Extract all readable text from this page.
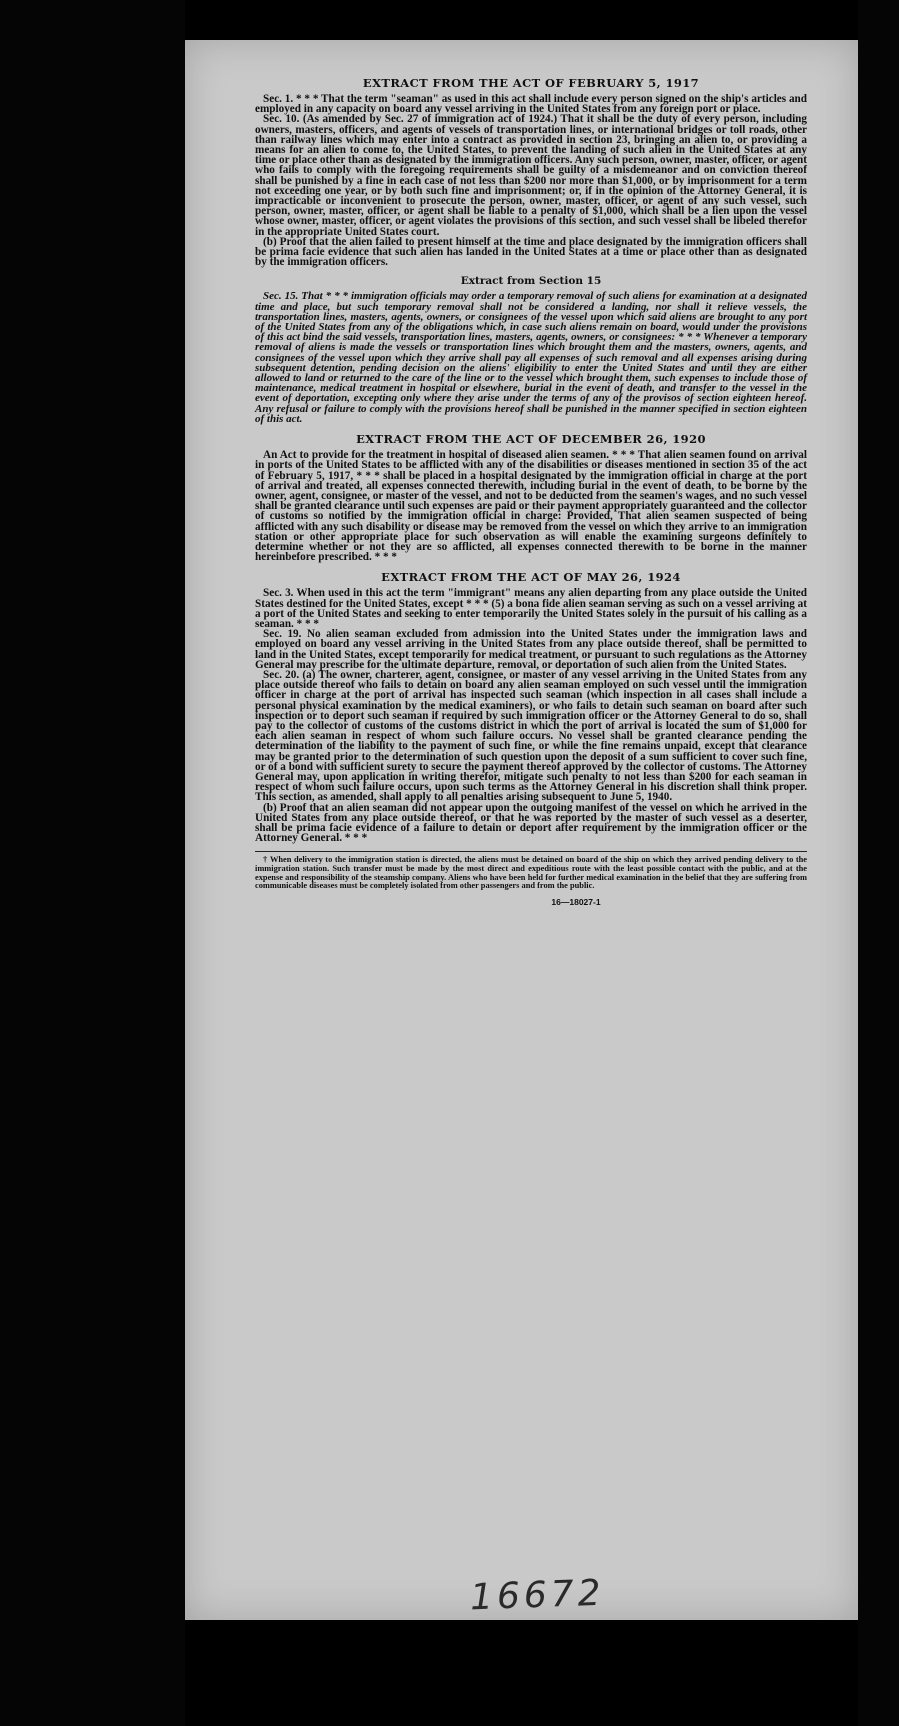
EXTRACT FROM THE ACT OF FEBRUARY 5, 1917

Sec. 1. * * * That the term "seaman" as used in this act shall include every person signed on the ship's articles and employed in any capacity on board any vessel arriving in the United States from any foreign port or place.

Sec. 10. (As amended by Sec. 27 of immigration act of 1924.) That it shall be the duty of every person, including owners, masters, officers, and agents of vessels of transportation lines, or international bridges or toll roads, other than railway lines which may enter into a contract as provided in section 23, bringing an alien to, or providing a means for an alien to come to, the United States, to prevent the landing of such alien in the United States at any time or place other than as designated by the immigration officers. Any such person, owner, master, officer, or agent who fails to comply with the foregoing requirements shall be guilty of a misdemeanor and on conviction thereof shall be punished by a fine in each case of not less than $200 nor more than $1,000, or by imprisonment for a term not exceeding one year, or by both such fine and imprisonment; or, if in the opinion of the Attorney General, it is impracticable or inconvenient to prosecute the person, owner, master, officer, or agent of any such vessel, such person, owner, master, officer, or agent shall be liable to a penalty of $1,000, which shall be a lien upon the vessel whose owner, master, officer, or agent violates the provisions of this section, and such vessel shall be libeled therefor in the appropriate United States court.

(b) Proof that the alien failed to present himself at the time and place designated by the immigration officers shall be prima facie evidence that such alien has landed in the United States at a time or place other than as designated by the immigration officers.

Extract from Section 15

Sec. 15. That * * * immigration officials may order a temporary removal of such aliens for examination at a designated time and place, but such temporary removal shall not be considered a landing, nor shall it relieve vessels, the transportation lines, masters, agents, owners, or consignees of the vessel upon which said aliens are brought to any port of the United States from any of the obligations which, in case such aliens remain on board, would under the provisions of this act bind the said vessels, transportation lines, masters, agents, owners, or consignees: * * * Whenever a temporary removal of aliens is made the vessels or transportation lines which brought them and the masters, owners, agents, and consignees of the vessel upon which they arrive shall pay all expenses of such removal and all expenses arising during subsequent detention, pending decision on the aliens' eligibility to enter the United States and until they are either allowed to land or returned to the care of the line or to the vessel which brought them, such expenses to include those of maintenance, medical treatment in hospital or elsewhere, burial in the event of death, and transfer to the vessel in the event of deportation, excepting only where they arise under the terms of any of the provisos of section eighteen hereof. Any refusal or failure to comply with the provisions hereof shall be punished in the manner specified in section eighteen of this act.

EXTRACT FROM THE ACT OF DECEMBER 26, 1920

An Act to provide for the treatment in hospital of diseased alien seamen. * * * That alien seamen found on arrival in ports of the United States to be afflicted with any of the disabilities or diseases mentioned in section 35 of the act of February 5, 1917, * * * shall be placed in a hospital designated by the immigration official in charge at the port of arrival and treated, all expenses connected therewith, including burial in the event of death, to be borne by the owner, agent, consignee, or master of the vessel, and not to be deducted from the seamen's wages, and no such vessel shall be granted clearance until such expenses are paid or their payment appropriately guaranteed and the collector of customs so notified by the immigration official in charge: Provided, That alien seamen suspected of being afflicted with any such disability or disease may be removed from the vessel on which they arrive to an immigration station or other appropriate place for such observation as will enable the examining surgeons definitely to determine whether or not they are so afflicted, all expenses connected therewith to be borne in the manner hereinbefore prescribed. * * *

EXTRACT FROM THE ACT OF MAY 26, 1924

Sec. 3. When used in this act the term "immigrant" means any alien departing from any place outside the United States destined for the United States, except * * * (5) a bona fide alien seaman serving as such on a vessel arriving at a port of the United States and seeking to enter temporarily the United States solely in the pursuit of his calling as a seaman. * * *

Sec. 19. No alien seaman excluded from admission into the United States under the immigration laws and employed on board any vessel arriving in the United States from any place outside thereof, shall be permitted to land in the United States, except temporarily for medical treatment, or pursuant to such regulations as the Attorney General may prescribe for the ultimate departure, removal, or deportation of such alien from the United States.

Sec. 20. (a) The owner, charterer, agent, consignee, or master of any vessel arriving in the United States from any place outside thereof who fails to detain on board any alien seaman employed on such vessel until the immigration officer in charge at the port of arrival has inspected such seaman (which inspection in all cases shall include a personal physical examination by the medical examiners), or who fails to detain such seaman on board after such inspection or to deport such seaman if required by such immigration officer or the Attorney General to do so, shall pay to the collector of customs of the customs district in which the port of arrival is located the sum of $1,000 for each alien seaman in respect of whom such failure occurs. No vessel shall be granted clearance pending the determination of the liability to the payment of such fine, or while the fine remains unpaid, except that clearance may be granted prior to the determination of such question upon the deposit of a sum sufficient to cover such fine, or of a bond with sufficient surety to secure the payment thereof approved by the collector of customs. The Attorney General may, upon application in writing therefor, mitigate such penalty to not less than $200 for each seaman in respect of whom such failure occurs, upon such terms as the Attorney General in his discretion shall think proper. This section, as amended, shall apply to all penalties arising subsequent to June 5, 1940.

(b) Proof that an alien seaman did not appear upon the outgoing manifest of the vessel on which he arrived in the United States from any place outside thereof, or that he was reported by the master of such vessel as a deserter, shall be prima facie evidence of a failure to detain or deport after requirement by the immigration officer or the Attorney General. * * *

† When delivery to the immigration station is directed, the aliens must be detained on board of the ship on which they arrived pending delivery to the immigration station. Such transfer must be made by the most direct and expeditious route with the least possible contact with the public, and at the expense and responsibility of the steamship company. Aliens who have been held for further medical examination in the belief that they are suffering from communicable diseases must be completely isolated from other passengers and from the public.

16—18027-1
16672
